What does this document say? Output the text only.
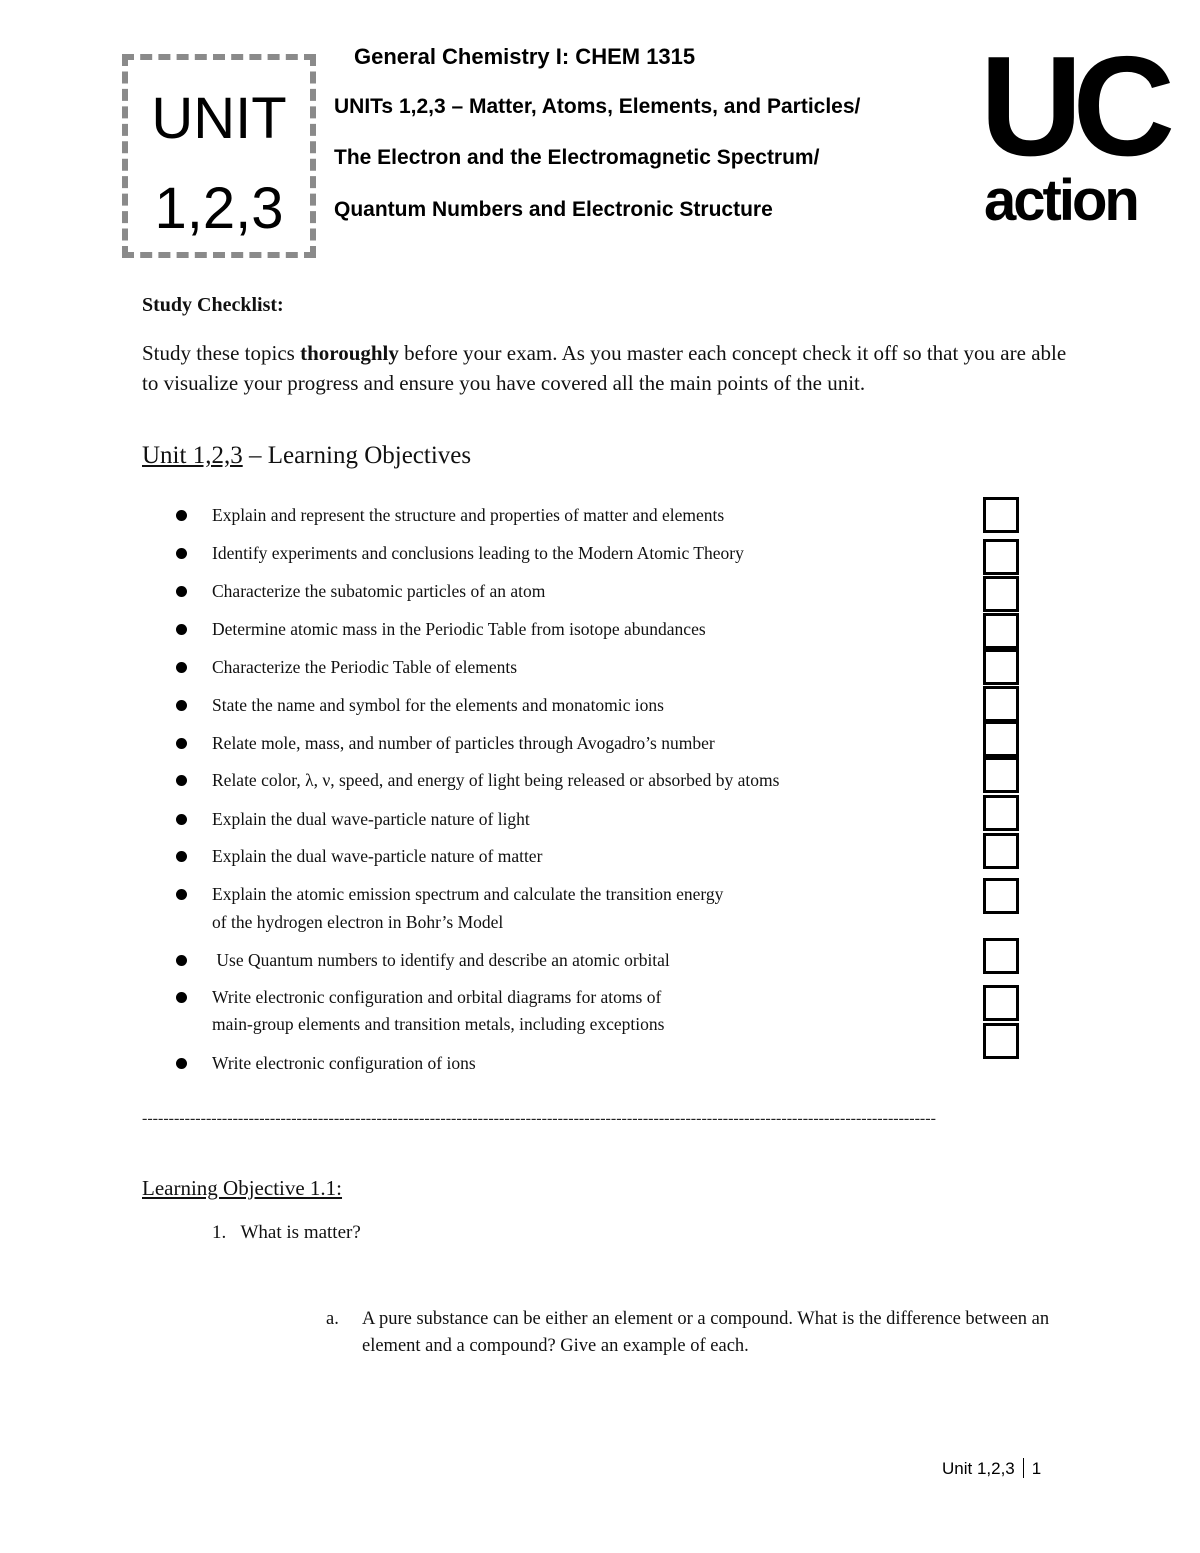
UNIT
1,2,3
General Chemistry I: CHEM 1315
UNITs 1,2,3 – Matter, Atoms, Elements, and Particles/
The Electron and the Electromagnetic Spectrum/
Quantum Numbers and Electronic Structure
UC
action
Study Checklist:
Study these topics thoroughly before your exam. As you master each concept check it off so that you are able to visualize your progress and ensure you have covered all the main points of the unit.
Unit 1,2,3 – Learning Objectives
Explain and represent the structure and properties of matter and elements
Identify experiments and conclusions leading to the Modern Atomic Theory
Characterize the subatomic particles of an atom
Determine atomic mass in the Periodic Table from isotope abundances
Characterize the Periodic Table of elements
State the name and symbol for the elements and monatomic ions
Relate mole, mass, and number of particles through Avogadro’s number
Relate color, λ, ν, speed, and energy of light being released or absorbed by atoms
Explain the dual wave-particle nature of light
Explain the dual wave-particle nature of matter
Explain the atomic emission spectrum and calculate the transition energy
of the hydrogen electron in Bohr’s Model
Use Quantum numbers to identify and describe an atomic orbital
Write electronic configuration and orbital diagrams for atoms of
main-group elements and transition metals, including exceptions
Write electronic configuration of ions
-----------------------------------------------------------------------------------------------------------------------------------------------------
Learning Objective 1.1:
1. What is matter?
a. A pure substance can be either an element or a compound. What is the difference between an element and a compound? Give an example of each.
Unit 1,2,3 1
